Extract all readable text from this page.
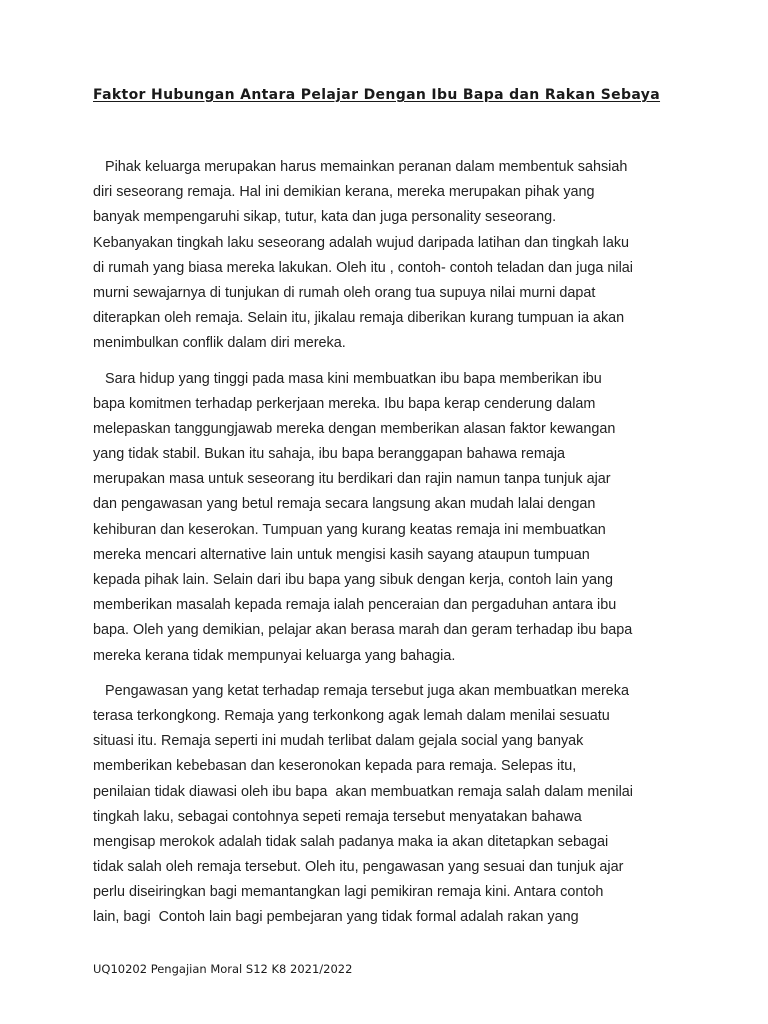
Faktor Hubungan Antara Pelajar Dengan Ibu Bapa dan Rakan Sebaya

Pihak keluarga merupakan harus memainkan peranan dalam membentuk sahsiah
diri seseorang remaja. Hal ini demikian kerana, mereka merupakan pihak yang
banyak mempengaruhi sikap, tutur, kata dan juga personality seseorang.
Kebanyakan tingkah laku seseorang adalah wujud daripada latihan dan tingkah laku
di rumah yang biasa mereka lakukan. Oleh itu , contoh- contoh teladan dan juga nilai
murni sewajarnya di tunjukan di rumah oleh orang tua supuya nilai murni dapat
diterapkan oleh remaja. Selain itu, jikalau remaja diberikan kurang tumpuan ia akan
menimbulkan conflik dalam diri mereka.

Sara hidup yang tinggi pada masa kini membuatkan ibu bapa memberikan ibu
bapa komitmen terhadap perkerjaan mereka. Ibu bapa kerap cenderung dalam
melepaskan tanggungjawab mereka dengan memberikan alasan faktor kewangan
yang tidak stabil. Bukan itu sahaja, ibu bapa beranggapan bahawa remaja
merupakan masa untuk seseorang itu berdikari dan rajin namun tanpa tunjuk ajar
dan pengawasan yang betul remaja secara langsung akan mudah lalai dengan
kehiburan dan keserokan. Tumpuan yang kurang keatas remaja ini membuatkan
mereka mencari alternative lain untuk mengisi kasih sayang ataupun tumpuan
kepada pihak lain. Selain dari ibu bapa yang sibuk dengan kerja, contoh lain yang
memberikan masalah kepada remaja ialah penceraian dan pergaduhan antara ibu
bapa. Oleh yang demikian, pelajar akan berasa marah dan geram terhadap ibu bapa
mereka kerana tidak mempunyai keluarga yang bahagia.

Pengawasan yang ketat terhadap remaja tersebut juga akan membuatkan mereka
terasa terkongkong. Remaja yang terkonkong agak lemah dalam menilai sesuatu
situasi itu. Remaja seperti ini mudah terlibat dalam gejala social yang banyak
memberikan kebebasan dan keseronokan kepada para remaja. Selepas itu,
penilaian tidak diawasi oleh ibu bapa  akan membuatkan remaja salah dalam menilai
tingkah laku, sebagai contohnya sepeti remaja tersebut menyatakan bahawa
mengisap merokok adalah tidak salah padanya maka ia akan ditetapkan sebagai
tidak salah oleh remaja tersebut. Oleh itu, pengawasan yang sesuai dan tunjuk ajar
perlu diseiringkan bagi memantangkan lagi pemikiran remaja kini. Antara contoh
lain, bagi  Contoh lain bagi pembejaran yang tidak formal adalah rakan yang

UQ10202 Pengajian Moral S12 K8 2021/2022
